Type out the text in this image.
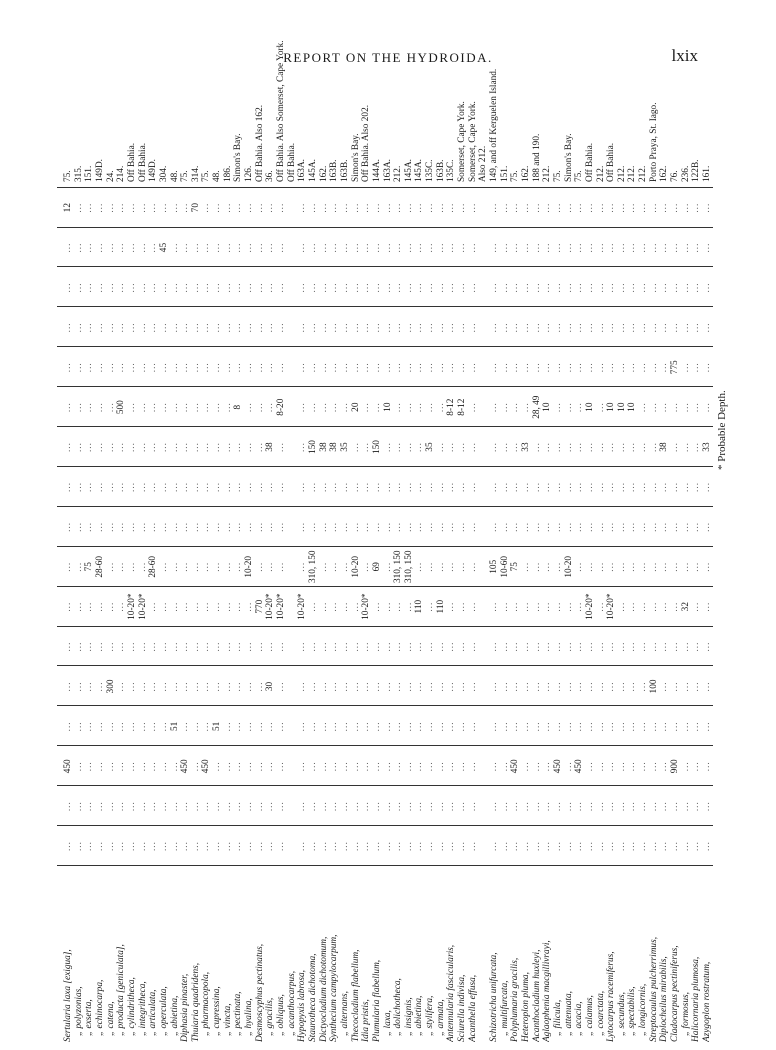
REPORT ON THE HYDROIDA.	lxix
* Probable Depth.
Sertularia laxa [exigua],
...
...
450
...
...
...
...
...
...
...
...
...
...
...
...
...
12
75.
„ polyzonias,
...
...
...
...
...
...
...
...
...
...
...
...
...
...
...
...
...
315.
„ exserta,
...
...
...
...
...
...
...
75
...
...
...
...
...
...
...
...
...
151.
„ echinocarpa,
...
...
...
...
...
...
...
28-60
...
...
...
...
...
...
...
...
...
149D.
„ catena,
...
...
...
...
300
...
...
...
...
...
...
...
...
...
...
...
...
24.
„ producta [geniculata],
...
...
...
...
...
...
...
...
...
...
...
500
...
...
...
...
...
214.
„ cylindritheca,
...
...
...
...
...
...
10-20*
...
...
...
...
...
...
...
...
...
...
Off Bahia.
„ integritheca,
...
...
...
...
...
...
10-20*
...
...
...
...
...
...
...
...
...
...
Off Bahia.
„ articulata,
...
...
...
...
...
...
...
28-60
...
...
...
...
...
...
...
...
...
149D.
„ operculata,
...
...
...
...
...
...
...
...
...
...
...
...
...
...
...
45
...
304.
„ abietina,
...
...
...
51
...
...
...
...
...
...
...
...
...
...
...
...
...
48.
Diphasia pinaster,
...
...
450
...
...
...
...
...
...
...
...
...
...
...
...
...
...
75.
Thuiaria quadridens,
...
...
...
...
...
...
...
...
...
...
...
...
...
...
...
...
70
314.
„ pharmacopola,
...
...
450
...
...
...
...
...
...
...
...
...
...
...
...
...
...
75.
„ cupressina,
...
...
...
51
...
...
...
...
...
...
...
...
...
...
...
...
...
48.
„ vincta,
...
...
...
...
...
...
...
...
...
...
...
...
...
...
...
...
...
186.
„ pectinata,
...
...
...
...
...
...
...
...
...
...
...
8
...
...
...
...
...
Simon's Bay.
„ hyalina,
...
...
...
...
...
...
...
10-20
...
...
...
...
...
...
...
...
...
126.
Desmoscyphus pectinatus,
...
...
...
...
...
...
770
...
...
...
...
...
...
...
...
...
...
Off Bahia. Also 162.
„ gracilis,
...
...
...
...
30
...
10-20*
...
...
...
38
...
...
...
...
...
...
36.
„ obliquus,
...
...
...
...
...
...
10-20*
...
...
...
...
8-20
...
...
...
...
...
Off Bahia. Also Somerset, Cape York.
„ acanthocarpus,
Off Bahia.
Hypopyxis labrosa,
...
...
...
...
...
...
10-20*
...
...
...
...
...
...
...
...
...
...
163A.
Staurotheca dichotoma,
...
...
...
...
...
...
...
310, 150
...
...
150
...
...
...
...
...
...
145A.
Dictyocladium dichotomum,
...
...
...
...
...
...
...
...
...
...
38
...
...
...
...
...
...
162.
Synthecium campylocarpum,
...
...
...
...
...
...
...
...
...
...
38
...
...
...
...
...
...
163B.
„ alternans,
...
...
...
...
...
...
...
...
...
...
35
...
...
...
...
...
...
163B.
Thecocladium flabellum,
...
...
...
...
...
...
...
10-20
...
...
...
20
...
...
...
...
...
Simon's Bay.
Idia pristis,
...
...
...
...
...
...
10-20*
...
...
...
...
...
...
...
...
...
...
Off Bahia. Also 202.
Plumularia flabellum,
...
...
...
...
...
...
...
69
...
...
150
...
...
...
...
...
...
144A.
„ laxa,
...
...
...
...
...
...
...
...
...
...
...
10
...
...
...
...
...
163A.
„ dolichotheca,
...
...
...
...
...
...
...
310, 150
...
...
...
...
...
...
...
...
...
212.
„ insignis,
...
...
...
...
...
...
...
310, 150
...
...
...
...
...
...
...
...
...
145A.
„ abietina,
...
...
...
...
...
...
110
...
...
...
...
...
...
...
...
...
...
145A.
„ stylifera,
...
...
...
...
...
...
...
...
...
...
35
...
...
...
...
...
...
135C.
„ armata,
...
...
...
...
...
...
110
...
...
...
...
...
...
...
...
...
...
163B.
Antennularia fascicularis,
...
...
...
...
...
...
...
...
...
...
...
8-12
...
...
...
...
...
135C.
Sciurella indivisa,
...
...
...
...
...
...
...
...
...
...
...
8-12
...
...
...
...
...
Somerset, Cape York.
Acanthella effusa,
...
...
...
...
...
...
...
...
...
...
...
...
...
...
...
...
...
Somerset, Cape York. Also 212.
Schizotricha unifurcata,
...
...
...
...
...
...
...
105
...
...
...
...
...
...
...
...
...
149, and off Kerguelen Island.
„ multifurcata,
...
...
...
...
...
...
...
10-60
...
...
...
...
...
...
...
...
...
151.
Polyplumaria gracilis,
...
...
450
...
...
...
...
75
...
...
...
...
...
...
...
...
...
75.
Heteroplon pluma,
...
...
...
...
...
...
...
...
...
...
33
...
...
...
...
...
...
162.
Acanthocladium huxleyi,
...
...
...
...
...
...
...
...
...
...
...
28, 49
...
...
...
...
...
188 and 190.
Aglaophenia macgillivrayi,
...
...
...
...
...
...
...
...
...
...
...
10
...
...
...
...
...
212.
„ filicula,
...
...
450
...
...
...
...
...
...
...
...
...
...
...
...
...
...
75.
„ attenuata,
...
...
...
...
...
...
...
10-20
...
...
...
...
...
...
...
...
...
Simon's Bay.
„ acacia,
...
...
450
...
...
...
...
...
...
...
...
...
...
...
...
...
...
75.
„ calamus,
...
...
...
...
...
...
10-20*
...
...
...
...
10
...
...
...
...
...
Off Bahia.
„ coarctata,
...
...
...
...
...
...
...
...
...
...
...
...
...
...
...
...
...
212.
Lytocarpus racemiferus,
...
...
...
...
...
...
10-20*
...
...
...
...
10
...
...
...
...
...
Off Bahia.
„ secundus,
...
...
...
...
...
...
...
...
...
...
...
10
...
...
...
...
...
212.
„ spectabilis,
...
...
...
...
...
...
...
...
...
...
...
10
...
...
...
...
...
212.
„ longicornis,
...
...
...
...
...
...
...
...
...
...
...
...
...
...
...
...
...
212.
Streptocaulus pulcherrimus,
...
...
...
...
100
...
...
...
...
...
...
...
...
...
...
...
...
Porto Praya, St. Iago.
Diplocheilus mirabilis,
...
...
...
...
...
...
...
...
...
...
38
...
...
...
...
...
...
162.
Cladocarpus pectiniferus,
...
...
900
...
...
...
...
...
...
...
...
...
775
...
...
...
...
76.
„ formosus,
...
...
...
...
...
...
32
...
...
...
...
...
...
...
...
...
...
236.
Halicornaria plumosa,
...
...
...
...
...
...
...
...
...
...
...
...
...
...
...
...
...
122B.
Azygoplon rostratum,
...
...
...
...
...
...
...
...
...
...
33
...
...
...
...
...
...
161.
